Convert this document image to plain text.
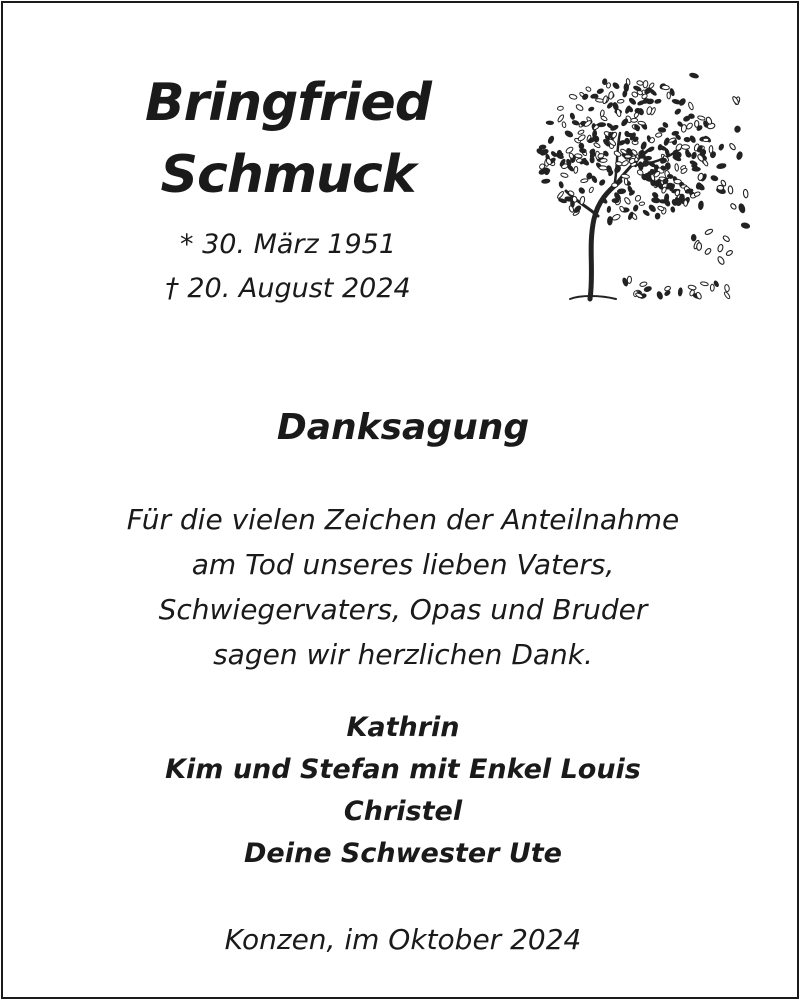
Bringfried
Schmuck
* 30. März 1951
† 20. August 2024
Danksagung
Für die vielen Zeichen der Anteilnahme
am Tod unseres lieben Vaters,
Schwiegervaters, Opas und Bruder
sagen wir herzlichen Dank.
Kathrin
Kim und Stefan mit Enkel Louis
Christel
Deine Schwester Ute
Konzen, im Oktober 2024
